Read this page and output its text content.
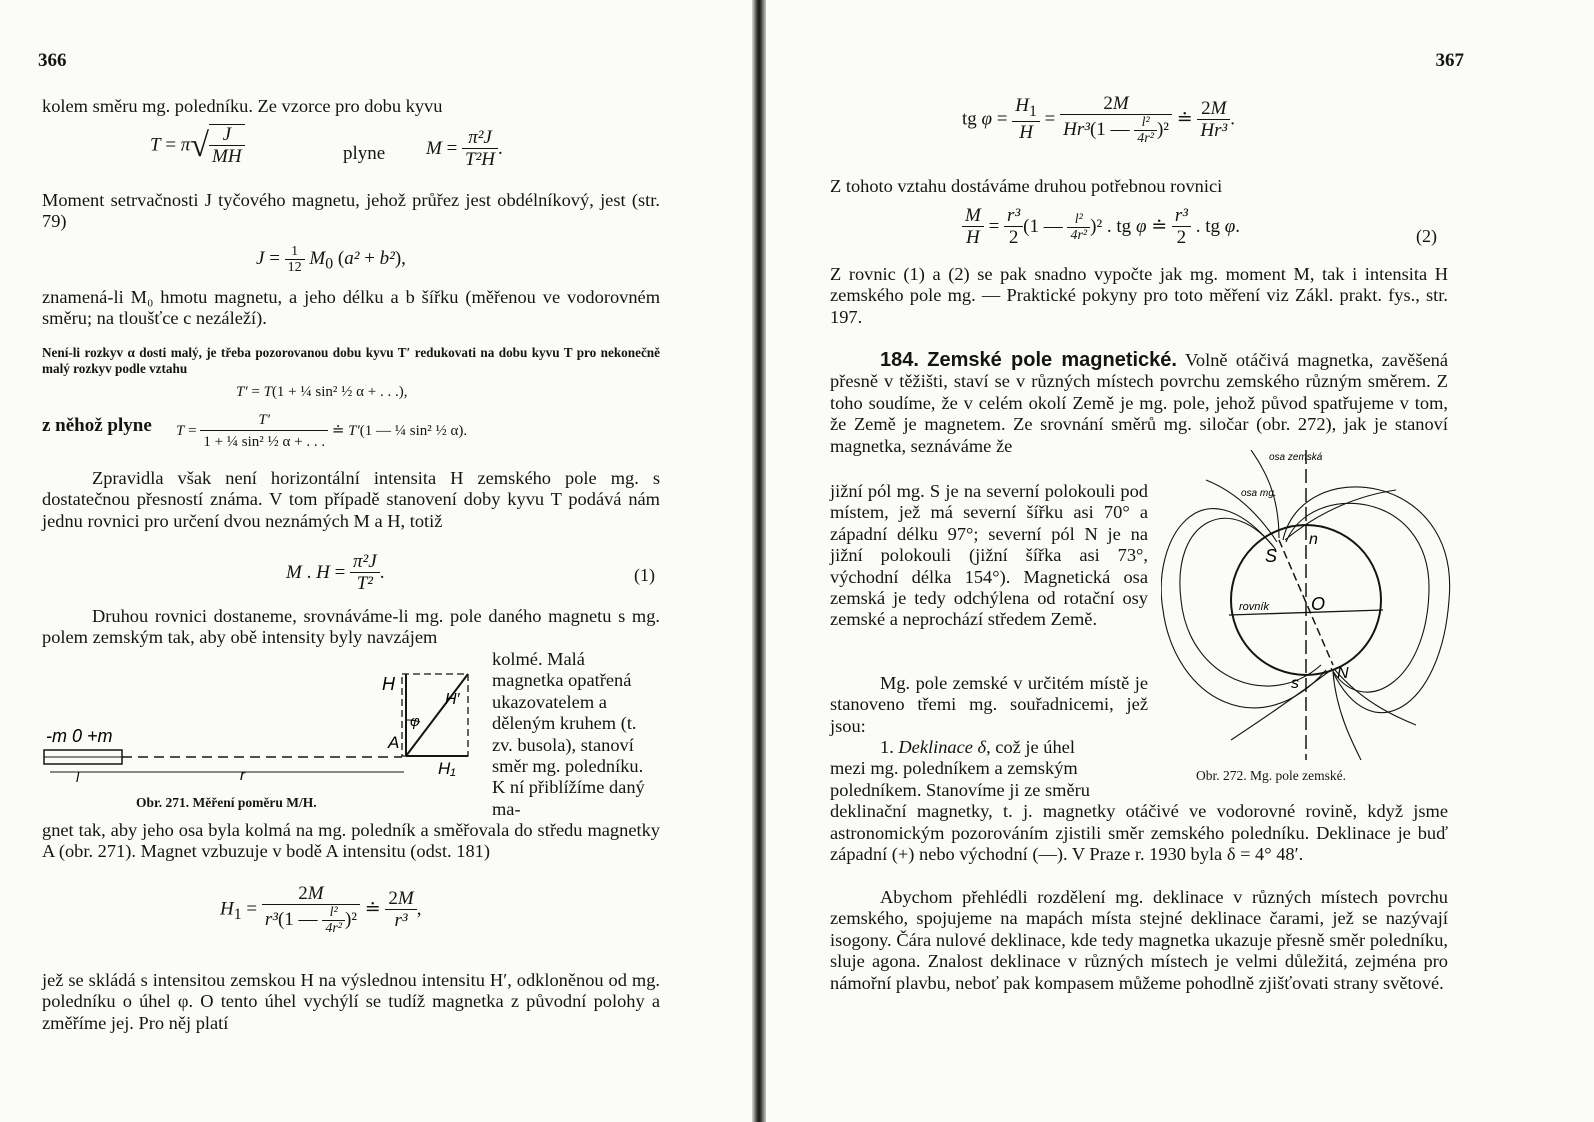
366

kolem směru mg. poledníku. Ze vzorce pro dobu kyvu

$T = \pi√ \frac{J}{MH}$	plyne $M = \frac{\text{π²J}}{\text{T²H}}$ .

Moment setrvačnosti J tyčového magnetu, jehož průřez jest obdélníkový, jest (str. 79)

$J = \frac{1}{12} M_0$ (a² + b²),

znamená-li M₀ hmotu magnetu, a jeho délku a b šířku (měřenou ve vodorovném směru; na tloušťce c nezáleží).

Není-li rozkyv α dosti malý, je třeba pozorovanou dobu kyvu T′ redukovati na dobu kyvu T pro nekonečně malý rozkyv podle vztahu

T′ = T(1 + ¼ sin² ½ α + . . .),
z něhož plyne $T = \frac{T'}{\text{1 + ¼ sin² ½ α + . . .}}$ ≐ T′(1 — ¼ sin² ½ α).

Zpravidla však není horizontální intensita H zemského pole mg. s dostatečnou přesností známa. V tom případě stanovení doby kyvu T podává nám jednu rovnici pro určení dvou neznámých M a H, totiž

M . $H = \frac{\text{π²J}}{\text{T²}}$ .	(1)

Druhou rovnici dostaneme, srovnáváme-li mg. pole daného magnetu s mg. polem zemským tak, aby obě intensity byly navzájem

kolmé. Malá magnetka opatřená ukazovatelem a děleným kruhem (t. zv. busola), stanoví směr mg. poledníku. K ní přiblížíme daný ma-

gnet tak, aby jeho osa byla kolmá na mg. poledník a směřovala do středu magnetky A (obr. 271). Magnet vzbuzuje v bodě A intensitu (odst. 181)

-m 0 +m
l	r
H
H′
φ
A
H₁
Obr. 271. Měření poměru M/H.
$H_1 = \frac{2M}{r^3(1 — \frac{\text{l²}}{\text{4r²}} )^2}$ ≐ $\frac{2M}{\text{r³}}$ ,

jež se skládá s intensitou zemskou H na výslednou intensitu H′, odkloněnou od mg. poledníku o úhel φ. O tento úhel vychýlí se tudíž magnetka z původní polohy a změříme jej. Pro něj platí

367
tg $\varphi = \frac{H_1}{H} = \frac{2M}{Hr^3(1 — \frac{\text{l²}}{\text{4r²}} )^2}$ ≐ $\frac{2M}{\text{Hr³}}$ .

Z tohoto vztahu dostáváme druhou potřebnou rovnici

$\frac{M}{H} = \frac{\text{r³}}{2} (1$ — $\frac{\text{l²}}{\text{4r²}} )^2$ . tg φ ≐ $\frac{\text{r³}}{2}$ . tg φ.	(2)

Z rovnic (1) a (2) se pak snadno vypočte jak mg. moment M, tak i intensita H zemského pole mg. — Praktické pokyny pro toto měření viz Zákl. prakt. fys., str. 197.

184. Zemské pole magnetické. Volně otáčivá magnetka, zavěšená přesně v těžišti, staví se v různých místech povrchu zemského různým směrem. Z toho soudíme, že v celém okolí Země je mg. pole, jehož původ spatřujeme v tom, že Země je magnetem. Ze srovnání směrů mg. siločar (obr. 272), jak je stanoví magnetka, seznáváme že

jižní pól mg. S je na severní polokouli pod místem, jež má severní šířku asi 70° a západní délku 97°; severní pól N je na jižní polokouli (jižní šířka asi 73°, východní délka 154°). Magnetická osa zemská je tedy odchýlena od rotační osy zemské a neprochází středem Země.

Mg. pole zemské v určitém místě je stanoveno třemi mg. souřadnicemi, jež jsou:

1. Deklinace δ, což je úhel
mezi mg. poledníkem a zemským
poledníkem. Stanovíme ji ze směru
deklinační magnetky, t. j. magnetky otáčivé ve vodorovné rovině, když jsme astronomickým pozorováním zjistili směr zemského poledníku. Deklinace je buď západní (+) nebo východní (—). V Praze r. 1930 byla δ = 4° 48′.

Abychom přehlédli rozdělení mg. deklinace v různých místech povrchu zemského, spojujeme na mapách místa stejné deklinace čarami, jež se nazývají isogony. Čára nulové deklinace, kde tedy magnetka ukazuje přesně směr poledníku, sluje agona. Znalost deklinace v různých místech je velmi důležitá, zejména pro námořní plavbu, neboť pak kompasem můžeme pohodlně zjišťovati strany světové.

osa zemská
osa mg.
rovník
S
n
O
N
s
Obr. 272. Mg. pole zemské.
